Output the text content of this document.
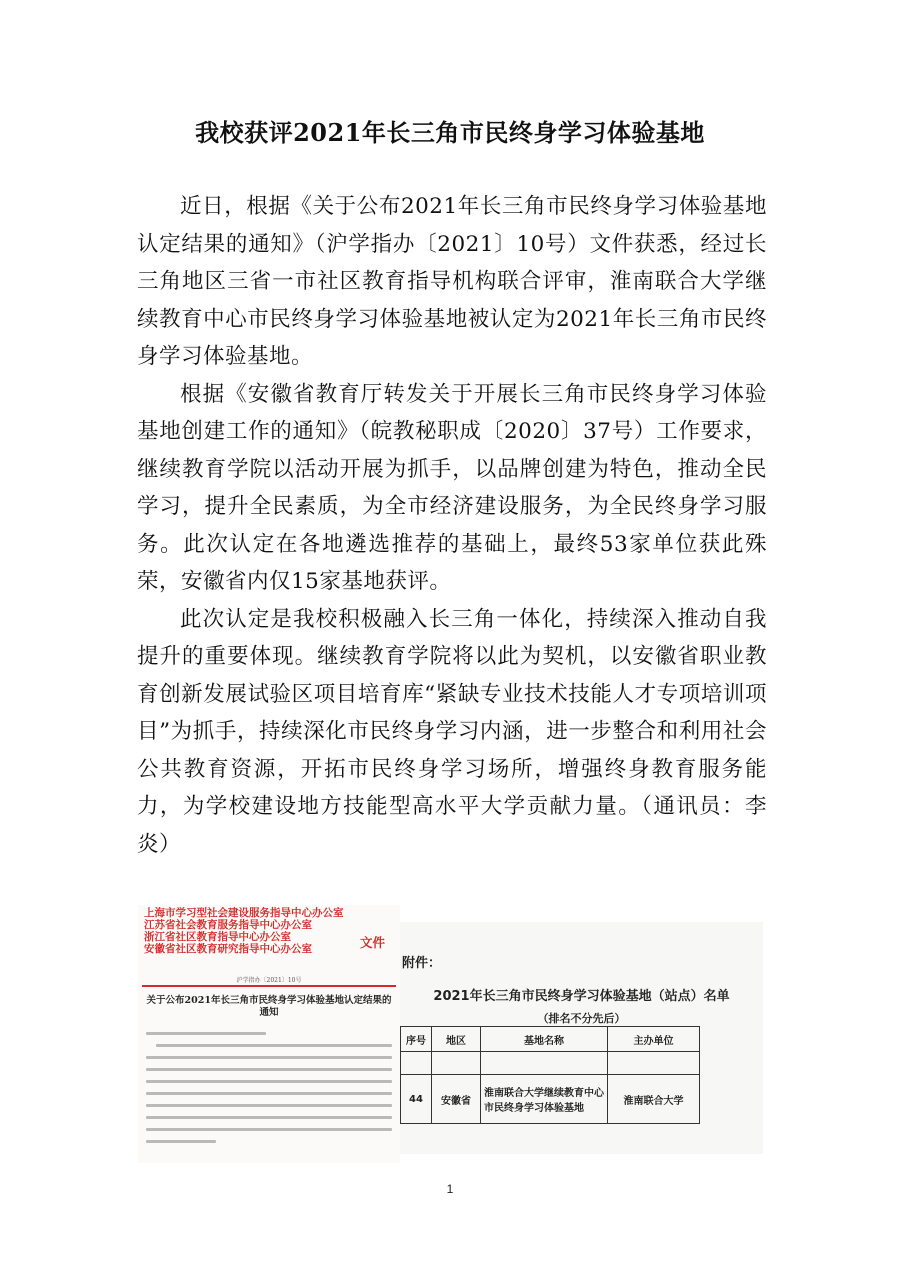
我校获评2021年长三角市民终身学习体验基地

近日，根据《关于公布2021年长三角市民终身学习体验基地认定结果的通知》（沪学指办〔2021〕10号）文件获悉，经过长三角地区三省一市社区教育指导机构联合评审，淮南联合大学继续教育中心市民终身学习体验基地被认定为2021年长三角市民终身学习体验基地。

根据《安徽省教育厅转发关于开展长三角市民终身学习体验基地创建工作的通知》（皖教秘职成〔2020〕37号）工作要求，继续教育学院以活动开展为抓手，以品牌创建为特色，推动全民学习，提升全民素质，为全市经济建设服务，为全民终身学习服务。此次认定在各地遴选推荐的基础上，最终53家单位获此殊荣，安徽省内仅15家基地获评。

此次认定是我校积极融入长三角一体化，持续深入推动自我提升的重要体现。继续教育学院将以此为契机，以安徽省职业教育创新发展试验区项目培育库“紧缺专业技术技能人才专项培训项目”为抓手，持续深化市民终身学习内涵，进一步整合和利用社会公共教育资源，开拓市民终身学习场所，增强终身教育服务能力，为学校建设地方技能型高水平大学贡献力量。（通讯员：李炎）

上海市学习型社会建设服务指导中心办公室
江苏省社会教育服务指导中心办公室
浙江省社区教育指导中心办公室
安徽省社区教育研究指导中心办公室	文件
沪学指办〔2021〕10号
关于公布2021年长三角市民终身学习体验基地认定结果的通知
附件：
2021年长三角市民终身学习体验基地（站点）名单
（排名不分先后）
序号	地区	基地名称	主办单位

44	安徽省	淮南联合大学继续教育中心市民终身学习体验基地	淮南联合大学
1
